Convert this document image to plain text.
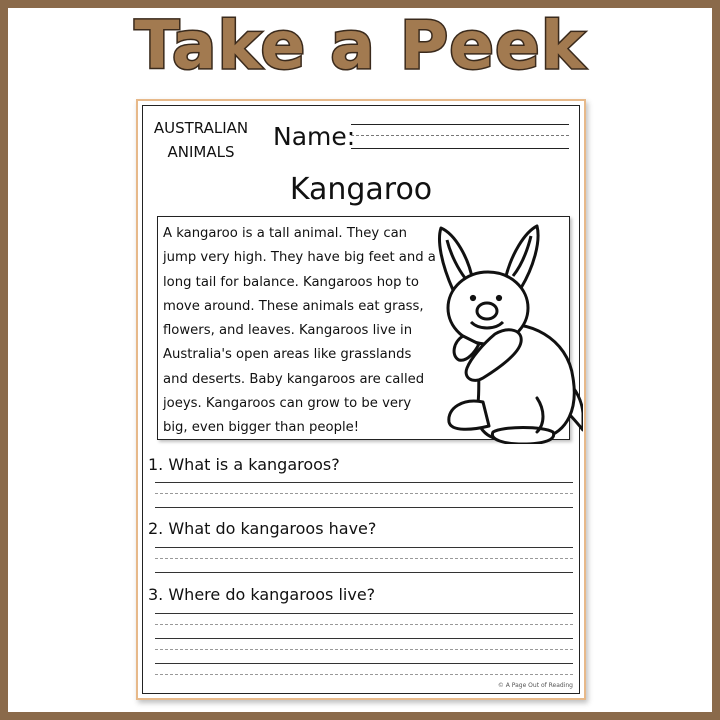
Take a Peek
AUSTRALIAN
ANIMALS
Name:
Kangaroo
A kangaroo is a tall animal. They can
jump very high. They have big feet and a
long tail for balance. Kangaroos hop to
move around. These animals eat grass,
flowers, and leaves. Kangaroos live in
Australia's open areas like grasslands
and deserts. Baby kangaroos are called
joeys. Kangaroos can grow to be very
big, even bigger than people!
1. What is a kangaroos?
2. What do kangaroos have?
3. Where do kangaroos live?
© A Page Out of Reading
